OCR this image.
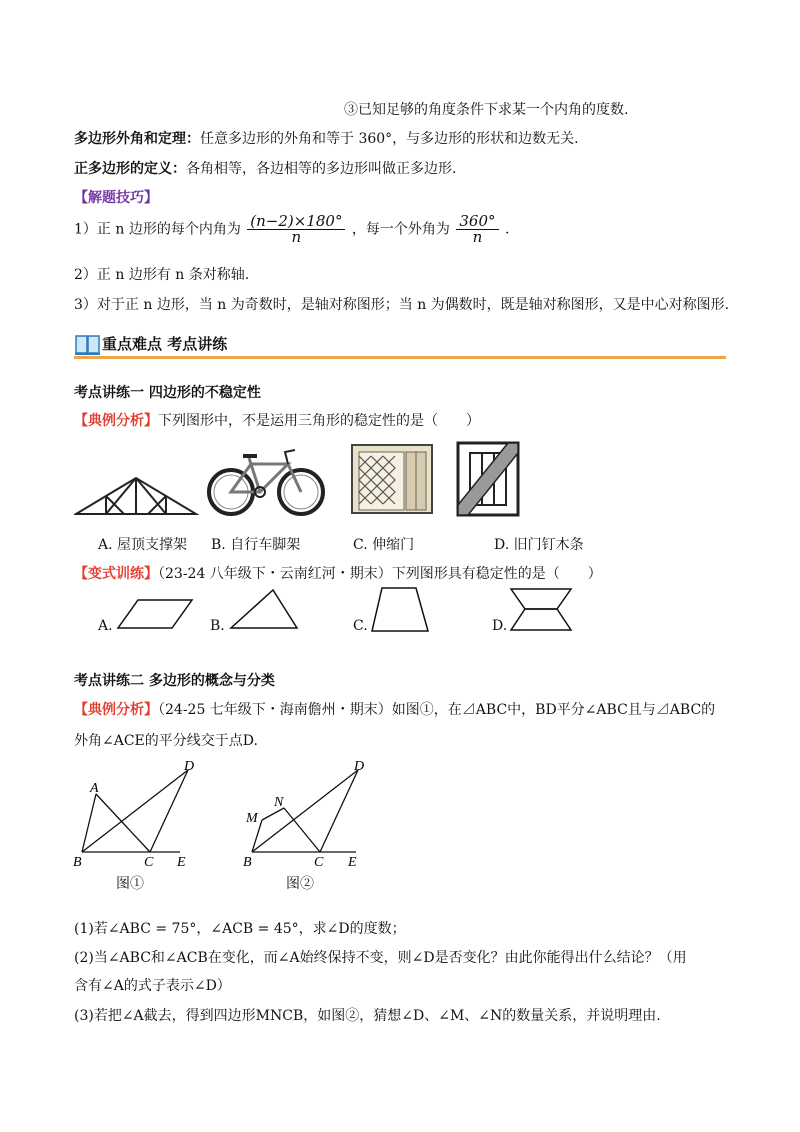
③已知足够的角度条件下求某一个内角的度数.
多边形外角和定理：任意多边形的外角和等于 360°，与多边形的形状和边数无关.
正多边形的定义：各角相等，各边相等的多边形叫做正多边形.
【解题技巧】
1）正 n 边形的每个内角为 $\frac{(n-2)\times 180^\circ}{n}$ ，每一个外角为 $\frac{360^\circ}{n}$ .
2）正 n 边形有 n 条对称轴.
3）对于正 n 边形，当 n 为奇数时，是轴对称图形；当 n 为偶数时，既是轴对称图形，又是中心对称图形.
重点难点 考点讲练
考点讲练一 四边形的不稳定性
【典例分析】下列图形中，不是运用三角形的稳定性的是（　　）
A. 屋顶支撑架 B. 自行车脚架	C. 伸缩门	D. 旧门钉木条
【变式训练】（23-24 八年级下・云南红河・期末）下列图形具有稳定性的是（　　）
A.	B.	C.	D.
考点讲练二 多边形的概念与分类
【典例分析】（24-25 七年级下・海南儋州・期末）如图①，在⊿ABC中，BD平分∠ABC且与⊿ABC的
外角∠ACE的平分线交于点D.
A
B	C
D
E
图①
M
N
B	C
D
E
图②
(1)若∠ABC = 75°，∠ACB = 45°，求∠D的度数；
(2)当∠ABC和∠ACB在变化，而∠A始终保持不变，则∠D是否变化？由此你能得出什么结论？（用
含有∠A的式子表示∠D）
(3)若把∠A截去，得到四边形MNCB，如图②，猜想∠D、∠M、∠N的数量关系，并说明理由.
